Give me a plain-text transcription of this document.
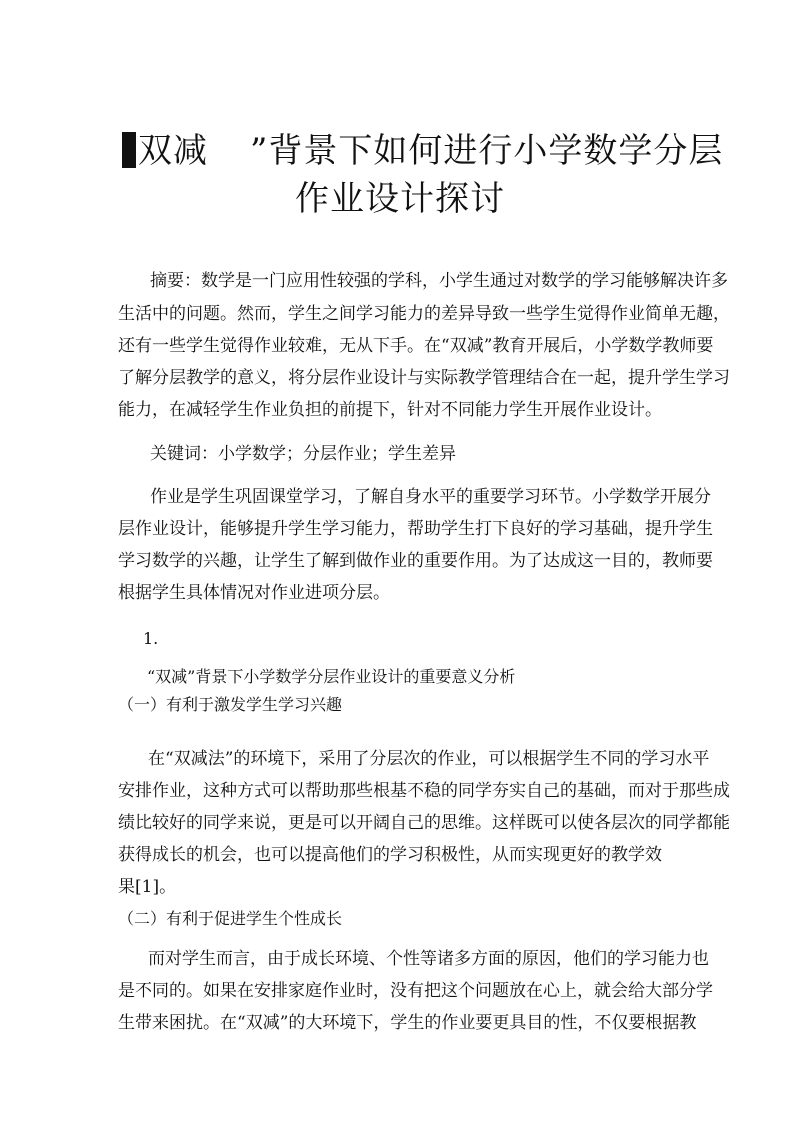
双减 ”背景下如何进行小学数学分层
作业设计探讨
摘要：数学是一门应用性较强的学科，小学生通过对数学的学习能够解决许多
生活中的问题。然而，学生之间学习能力的差异导致一些学生觉得作业简单无趣，
还有一些学生觉得作业较难，无从下手。在“双减”教育开展后，小学数学教师要
了解分层教学的意义，将分层作业设计与实际教学管理结合在一起，提升学生学习
能力，在减轻学生作业负担的前提下，针对不同能力学生开展作业设计。
关键词：小学数学；分层作业；学生差异
作业是学生巩固课堂学习，了解自身水平的重要学习环节。小学数学开展分
层作业设计，能够提升学生学习能力，帮助学生打下良好的学习基础，提升学生
学习数学的兴趣，让学生了解到做作业的重要作用。为了达成这一目的，教师要
根据学生具体情况对作业进项分层。
1.
“双减”背景下小学数学分层作业设计的重要意义分析
（一）有利于激发学生学习兴趣
在“双减法”的环境下，采用了分层次的作业，可以根据学生不同的学习水平
安排作业，这种方式可以帮助那些根基不稳的同学夯实自己的基础，而对于那些成
绩比较好的同学来说，更是可以开阔自己的思维。这样既可以使各层次的同学都能
获得成长的机会，也可以提高他们的学习积极性，从而实现更好的教学效
果[1]。
（二）有利于促进学生个性成长
而对学生而言，由于成长环境、个性等诸多方面的原因，他们的学习能力也
是不同的。如果在安排家庭作业时，没有把这个问题放在心上，就会给大部分学
生带来困扰。在“双减”的大环境下，学生的作业要更具目的性，不仅要根据教
